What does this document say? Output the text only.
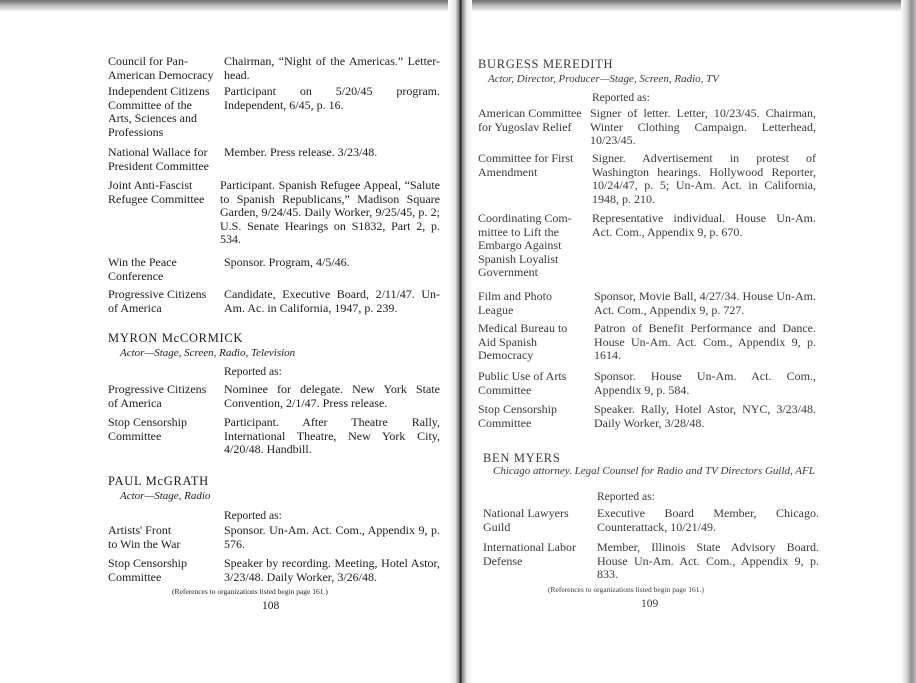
Council for Pan-
American Democracy
Chairman, “Night of the Americas.” Letter-head.
Independent Citizens
Committee of the
Arts, Sciences and
Professions
Participant on 5/20/45 program. Independent, 6/45, p. 16.
National Wallace for
President Committee
Member. Press release. 3/23/48.
Joint Anti-Fascist
Refugee Committee
Participant. Spanish Refugee Appeal, “Salute to Spanish Republicans,” Madison Square Garden, 9/24/45. Daily Worker, 9/25/45, p. 2; U.S. Senate Hearings on S1832, Part 2, p. 534.
Win the Peace
Conference
Sponsor. Program, 4/5/46.
Progressive Citizens
of America
Candidate, Executive Board, 2/11/47. Un-Am. Ac. in California, 1947, p. 239.
MYRON McCORMICK
Actor—Stage, Screen, Radio, Television
Reported as:
Progressive Citizens
of America
Nominee for delegate. New York State Convention, 2/1/47. Press release.
Stop Censorship
Committee
Participant. After Theatre Rally, International Theatre, New York City, 4/20/48. Handbill.
PAUL McGRATH
Actor—Stage, Radio
Reported as:
Artists' Front
to Win the War
Sponsor. Un-Am. Act. Com., Appendix 9, p. 576.
Stop Censorship
Committee
Speaker by recording. Meeting, Hotel Astor, 3/23/48. Daily Worker, 3/26/48.
(References to organizations listed begin page 161.)
108
BURGESS MEREDITH
Actor, Director, Producer—Stage, Screen, Radio, TV
Reported as:
American Committee
for Yugoslav Relief
Signer of letter. Letter, 10/23/45. Chairman, Winter Clothing Campaign. Letterhead, 10/23/45.
Committee for First
Amendment
Signer. Advertisement in protest of Washington hearings. Hollywood Reporter, 10/24/47, p. 5; Un-Am. Act. in California, 1948, p. 210.
Coordinating Com-
mittee to Lift the
Embargo Against
Spanish Loyalist
Government
Representative individual. House Un-Am. Act. Com., Appendix 9, p. 670.
Film and Photo
League
Sponsor, Movie Ball, 4/27/34. House Un-Am. Act. Com., Appendix 9, p. 727.
Medical Bureau to
Aid Spanish
Democracy
Patron of Benefit Performance and Dance. House Un-Am. Act. Com., Appendix 9, p. 1614.
Public Use of Arts
Committee
Sponsor. House Un-Am. Act. Com., Appendix 9, p. 584.
Stop Censorship
Committee
Speaker. Rally, Hotel Astor, NYC, 3/23/48. Daily Worker, 3/28/48.
BEN MYERS
Chicago attorney. Legal Counsel for Radio and TV Directors Guild, AFL
Reported as:
National Lawyers
Guild
Executive Board Member, Chicago. Counterattack, 10/21/49.
International Labor
Defense
Member, Illinois State Advisory Board. House Un-Am. Act. Com., Appendix 9, p. 833.
(References to organizations listed begin page 161.)
109
